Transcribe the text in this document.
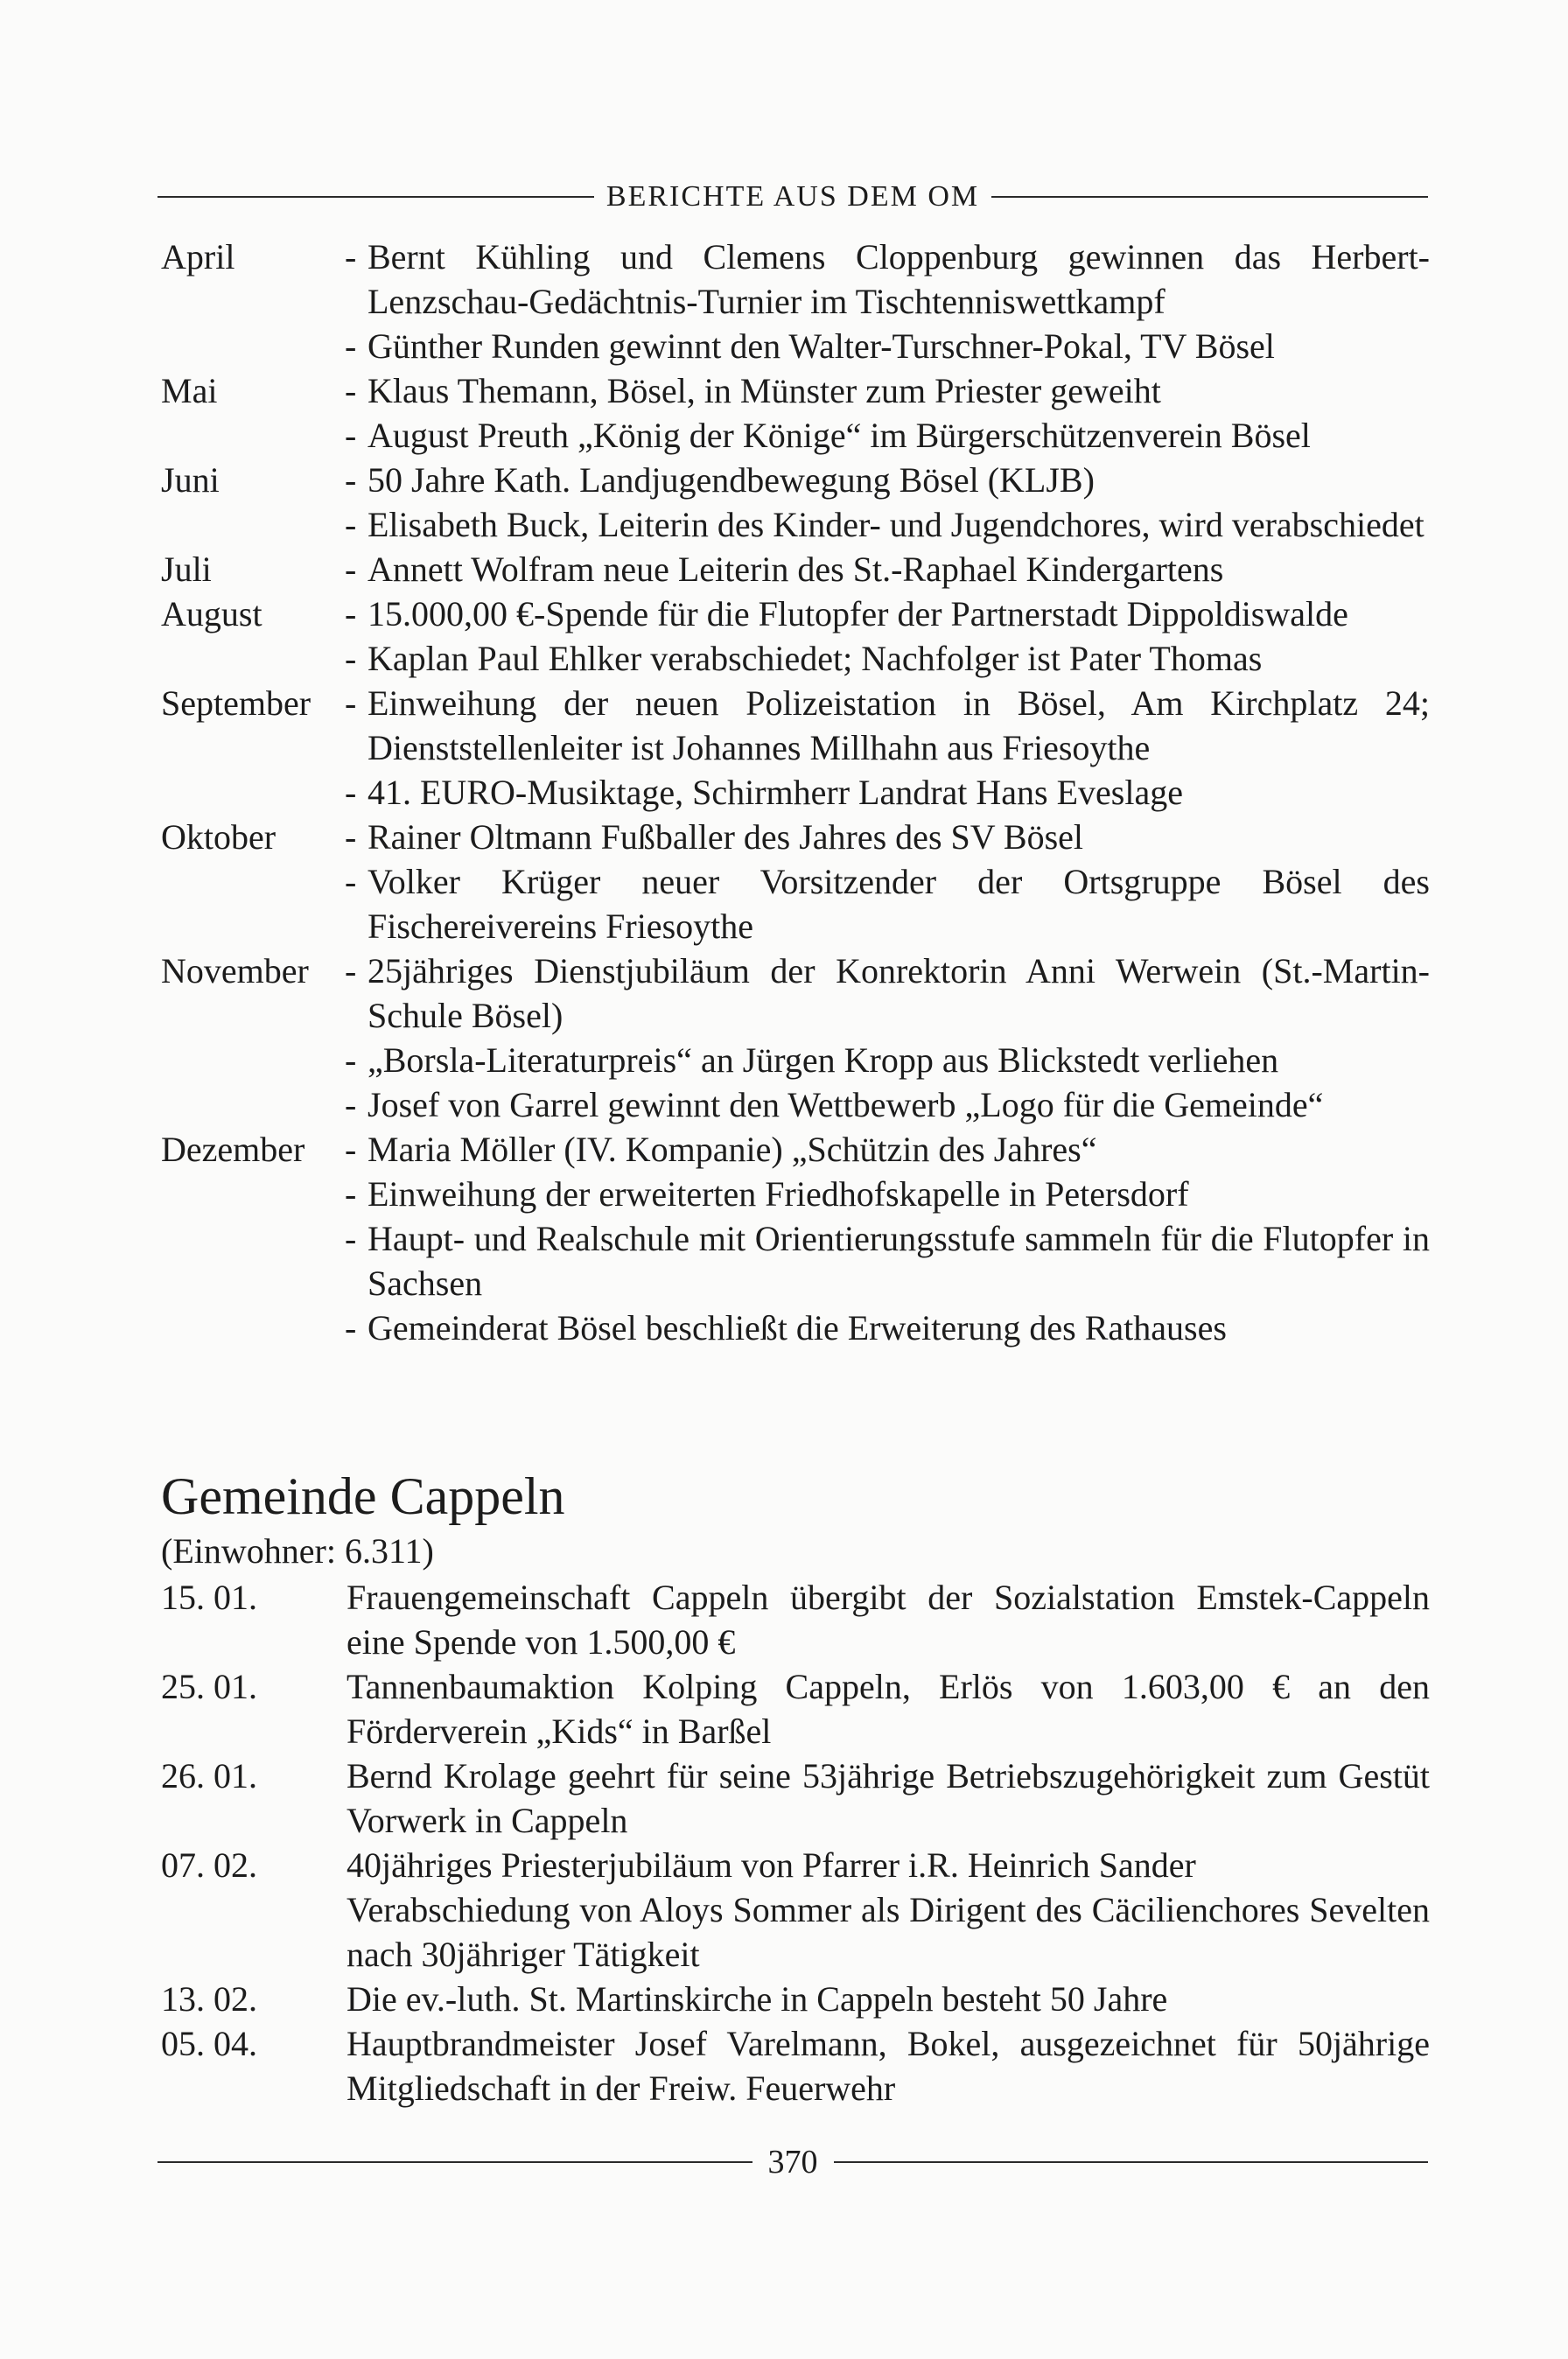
BERICHTE AUS DEM OM
April	- Bernt Kühling und Clemens Cloppenburg gewinnen das Herbert-Lenzschau-Gedächtnis-Turnier im Tischtenniswettkampf
- Günther Runden gewinnt den Walter-Turschner-Pokal, TV Bösel
Mai	- Klaus Themann, Bösel, in Münster zum Priester geweiht
- August Preuth „König der Könige“ im Bürgerschützenverein Bösel
Juni	- 50 Jahre Kath. Landjugendbewegung Bösel (KLJB)
- Elisabeth Buck, Leiterin des Kinder- und Jugendchores, wird verabschiedet
Juli	- Annett Wolfram neue Leiterin des St.-Raphael Kindergartens
August	- 15.000,00 €-Spende für die Flutopfer der Partnerstadt Dippoldiswalde
- Kaplan Paul Ehlker verabschiedet; Nachfolger ist Pater Thomas
September - Einweihung der neuen Polizeistation in Bösel, Am Kirchplatz 24; Dienststellenleiter ist Johannes Millhahn aus Friesoythe
- 41. EURO-Musiktage, Schirmherr Landrat Hans Eveslage
Oktober	- Rainer Oltmann Fußballer des Jahres des SV Bösel
- Volker Krüger neuer Vorsitzender der Ortsgruppe Bösel des Fischereivereins Friesoythe
November	- 25jähriges Dienstjubiläum der Konrektorin Anni Werwein (St.-Martin-Schule Bösel)
- „Borsla-Literaturpreis“ an Jürgen Kropp aus Blickstedt verliehen
- Josef von Garrel gewinnt den Wettbewerb „Logo für die Gemeinde“
Dezember	- Maria Möller (IV. Kompanie) „Schützin des Jahres“
- Einweihung der erweiterten Friedhofskapelle in Petersdorf
- Haupt- und Realschule mit Orientierungsstufe sammeln für die Flutopfer in Sachsen
- Gemeinderat Bösel beschließt die Erweiterung des Rathauses
Gemeinde Cappeln
(Einwohner: 6.311)
15. 01.	Frauengemeinschaft Cappeln übergibt der Sozialstation Emstek-Cappeln eine Spende von 1.500,00 €
25. 01.	Tannenbaumaktion Kolping Cappeln, Erlös von 1.603,00 € an den Förderverein „Kids“ in Barßel
26. 01.	Bernd Krolage geehrt für seine 53jährige Betriebszugehörigkeit zum Gestüt Vorwerk in Cappeln
07. 02.	40jähriges Priesterjubiläum von Pfarrer i.R. Heinrich Sander
Verabschiedung von Aloys Sommer als Dirigent des Cäcilienchores Sevelten nach 30jähriger Tätigkeit
13. 02.	Die ev.-luth. St. Martinskirche in Cappeln besteht 50 Jahre
05. 04.	Hauptbrandmeister Josef Varelmann, Bokel, ausgezeichnet für 50jährige Mitgliedschaft in der Freiw. Feuerwehr
370
